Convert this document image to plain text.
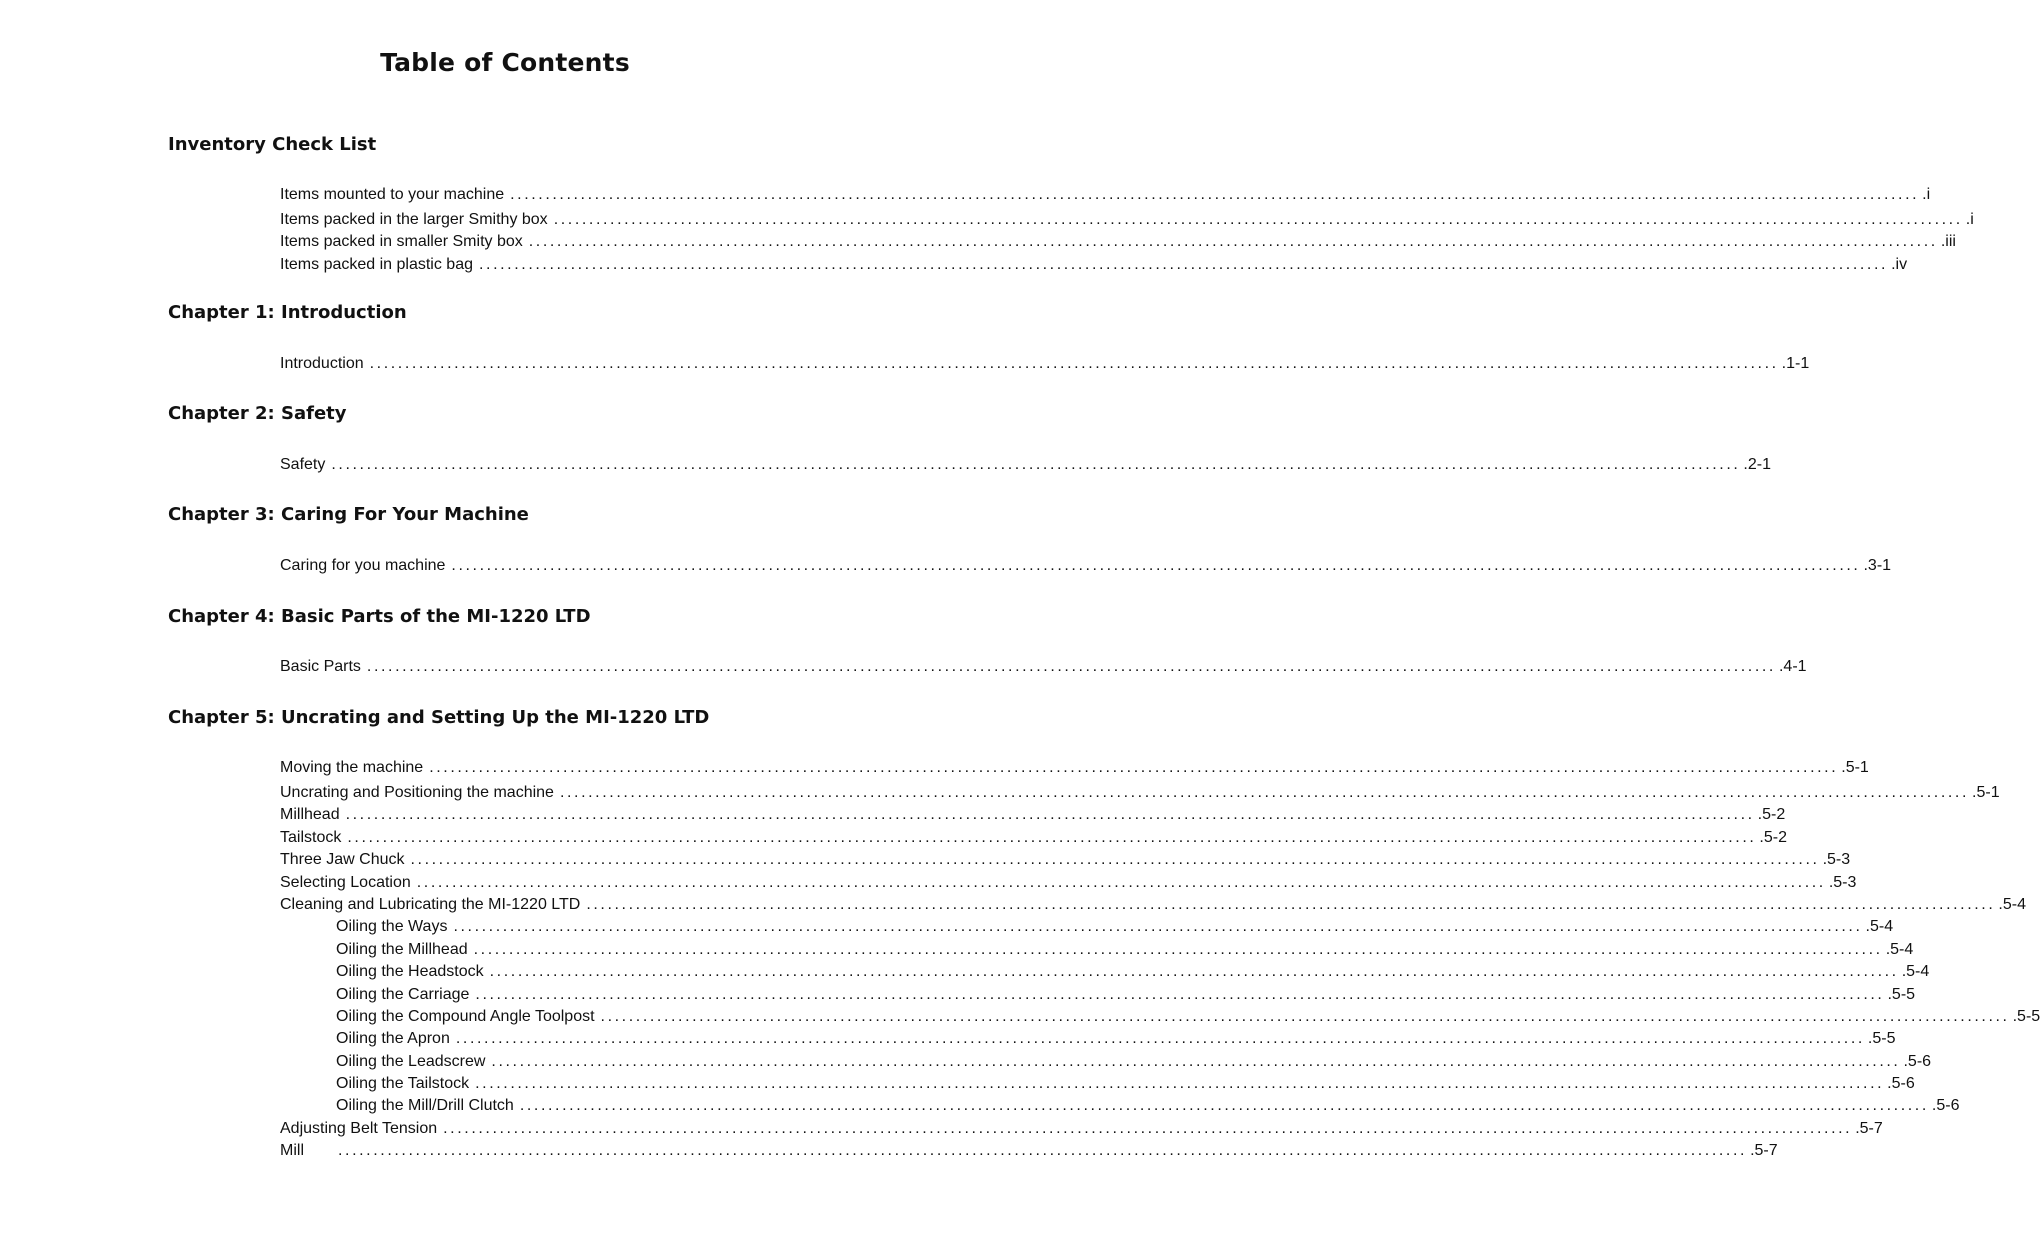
Table of Contents
Inventory Check List
Items mounted to your machine ........................................................................................................................................................................................................ .i
Items packed in the larger Smithy box ........................................................................................................................................................................................................ .i
Items packed in smaller Smity box ........................................................................................................................................................................................................ .iii
Items packed in plastic bag ........................................................................................................................................................................................................ .iv
Chapter 1: Introduction
Introduction ........................................................................................................................................................................................................ .1-1
Chapter 2: Safety
Safety ........................................................................................................................................................................................................ .2-1
Chapter 3: Caring For Your Machine
Caring for you machine ........................................................................................................................................................................................................ .3-1
Chapter 4: Basic Parts of the MI-1220 LTD
Basic Parts ........................................................................................................................................................................................................ .4-1
Chapter 5: Uncrating and Setting Up the MI-1220 LTD
Moving the machine ........................................................................................................................................................................................................ .5-1
Uncrating and Positioning the machine ........................................................................................................................................................................................................ .5-1
Millhead ........................................................................................................................................................................................................ .5-2
Tailstock ........................................................................................................................................................................................................ .5-2
Three Jaw Chuck ........................................................................................................................................................................................................ .5-3
Selecting Location ........................................................................................................................................................................................................ .5-3
Cleaning and Lubricating the MI-1220 LTD ........................................................................................................................................................................................................ .5-4
Oiling the Ways ........................................................................................................................................................................................................ .5-4
Oiling the Millhead ........................................................................................................................................................................................................ .5-4
Oiling the Headstock ........................................................................................................................................................................................................ .5-4
Oiling the Carriage ........................................................................................................................................................................................................ .5-5
Oiling the Compound Angle Toolpost ........................................................................................................................................................................................................ .5-5
Oiling the Apron ........................................................................................................................................................................................................ .5-5
Oiling the Leadscrew ........................................................................................................................................................................................................ .5-6
Oiling the Tailstock ........................................................................................................................................................................................................ .5-6
Oiling the Mill/Drill Clutch ........................................................................................................................................................................................................ .5-6
Adjusting Belt Tension ........................................................................................................................................................................................................ .5-7
Mill	........................................................................................................................................................................................................ .5-7
